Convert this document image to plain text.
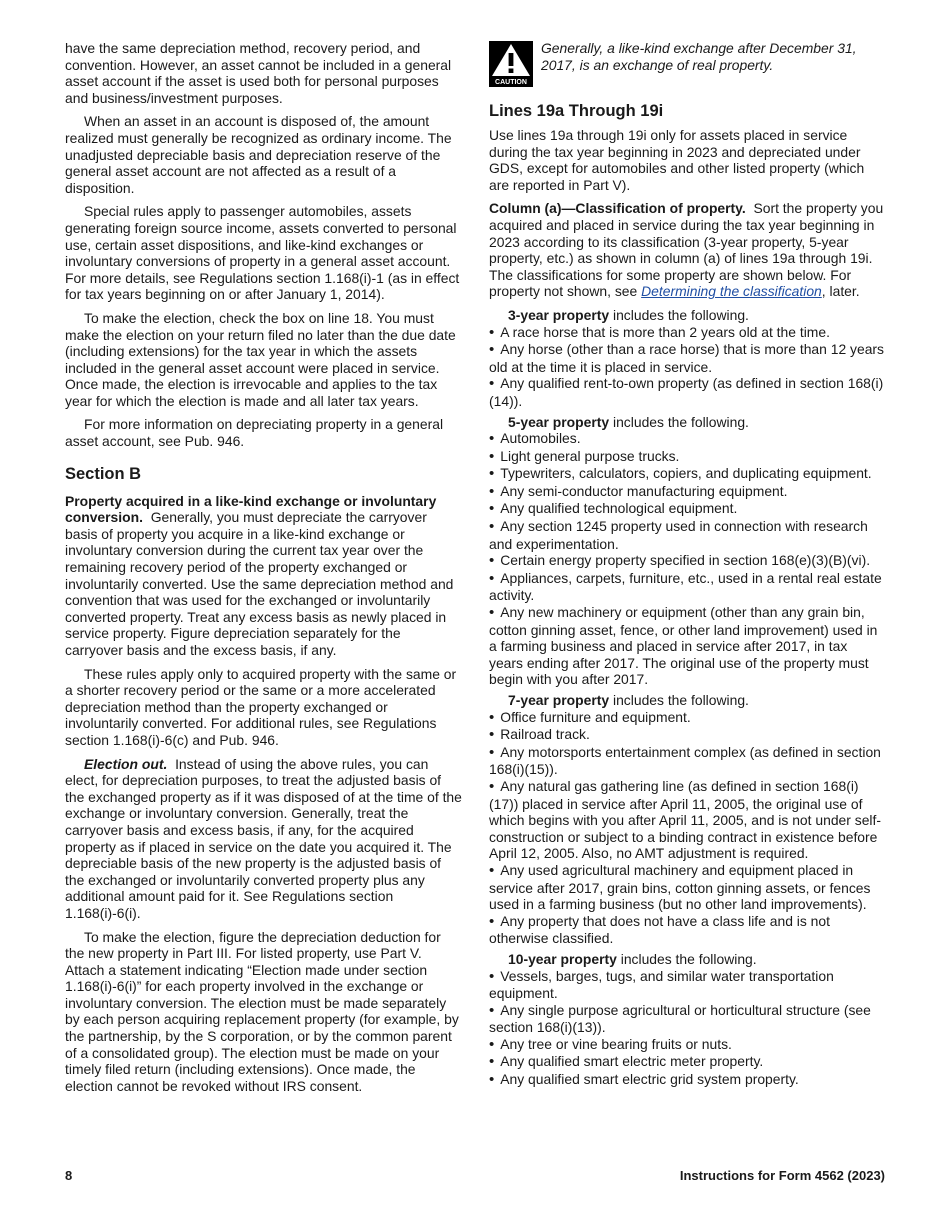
have the same depreciation method, recovery period, and convention. However, an asset cannot be included in a general asset account if the asset is used both for personal purposes and business/investment purposes.

When an asset in an account is disposed of, the amount realized must generally be recognized as ordinary income. The unadjusted depreciable basis and depreciation reserve of the general asset account are not affected as a result of a disposition.

Special rules apply to passenger automobiles, assets generating foreign source income, assets converted to personal use, certain asset dispositions, and like-kind exchanges or involuntary conversions of property in a general asset account. For more details, see Regulations section 1.168(i)-1 (as in effect for tax years beginning on or after January 1, 2014).

To make the election, check the box on line 18. You must make the election on your return filed no later than the due date (including extensions) for the tax year in which the assets included in the general asset account were placed in service. Once made, the election is irrevocable and applies to the tax year for which the election is made and all later tax years.

For more information on depreciating property in a general asset account, see Pub. 946.

Section B

Property acquired in a like-kind exchange or involuntary conversion. Generally, you must depreciate the carryover basis of property you acquire in a like-kind exchange or involuntary conversion during the current tax year over the remaining recovery period of the property exchanged or involuntarily converted. Use the same depreciation method and convention that was used for the exchanged or involuntarily converted property. Treat any excess basis as newly placed in service property. Figure depreciation separately for the carryover basis and the excess basis, if any.

These rules apply only to acquired property with the same or a shorter recovery period or the same or a more accelerated depreciation method than the property exchanged or involuntarily converted. For additional rules, see Regulations section 1.168(i)-6(c) and Pub. 946.

Election out. Instead of using the above rules, you can elect, for depreciation purposes, to treat the adjusted basis of the exchanged property as if it was disposed of at the time of the exchange or involuntary conversion. Generally, treat the carryover basis and excess basis, if any, for the acquired property as if placed in service on the date you acquired it. The depreciable basis of the new property is the adjusted basis of the exchanged or involuntarily converted property plus any additional amount paid for it. See Regulations section 1.168(i)-6(i).

To make the election, figure the depreciation deduction for the new property in Part III. For listed property, use Part V. Attach a statement indicating “Election made under section 1.168(i)-6(i)” for each property involved in the exchange or involuntary conversion. The election must be made separately by each person acquiring replacement property (for example, by the partnership, by the S corporation, or by the common parent of a consolidated group). The election must be made on your timely filed return (including extensions). Once made, the election cannot be revoked without IRS consent.

CAUTION
Generally, a like-kind exchange after December 31, 2017, is an exchange of real property.
Lines 19a Through 19i

Use lines 19a through 19i only for assets placed in service during the tax year beginning in 2023 and depreciated under GDS, except for automobiles and other listed property (which are reported in Part V).

Column (a)—Classification of property. Sort the property you acquired and placed in service during the tax year beginning in 2023 according to its classification (3-year property, 5-year property, etc.) as shown in column (a) of lines 19a through 19i. The classifications for some property are shown below. For property not shown, see Determining the classification, later.

3-year property includes the following.
• A race horse that is more than 2 years old at the time.
• Any horse (other than a race horse) that is more than 12 years old at the time it is placed in service.
• Any qualified rent-to-own property (as defined in section 168(i)(14)).
5-year property includes the following.
• Automobiles.
• Light general purpose trucks.
• Typewriters, calculators, copiers, and duplicating equipment.
• Any semi-conductor manufacturing equipment.
• Any qualified technological equipment.
• Any section 1245 property used in connection with research and experimentation.
• Certain energy property specified in section 168(e)(3)(B)(vi).
• Appliances, carpets, furniture, etc., used in a rental real estate activity.
• Any new machinery or equipment (other than any grain bin, cotton ginning asset, fence, or other land improvement) used in a farming business and placed in service after 2017, in tax years ending after 2017. The original use of the property must begin with you after 2017.
7-year property includes the following.
• Office furniture and equipment.
• Railroad track.
• Any motorsports entertainment complex (as defined in section 168(i)(15)).
• Any natural gas gathering line (as defined in section 168(i)(17)) placed in service after April 11, 2005, the original use of which begins with you after April 11, 2005, and is not under self-construction or subject to a binding contract in existence before April 12, 2005. Also, no AMT adjustment is required.
• Any used agricultural machinery and equipment placed in service after 2017, grain bins, cotton ginning assets, or fences used in a farming business (but no other land improvements).
• Any property that does not have a class life and is not otherwise classified.
10-year property includes the following.
• Vessels, barges, tugs, and similar water transportation equipment.
• Any single purpose agricultural or horticultural structure (see section 168(i)(13)).
• Any tree or vine bearing fruits or nuts.
• Any qualified smart electric meter property.
• Any qualified smart electric grid system property.
8	Instructions for Form 4562 (2023)
